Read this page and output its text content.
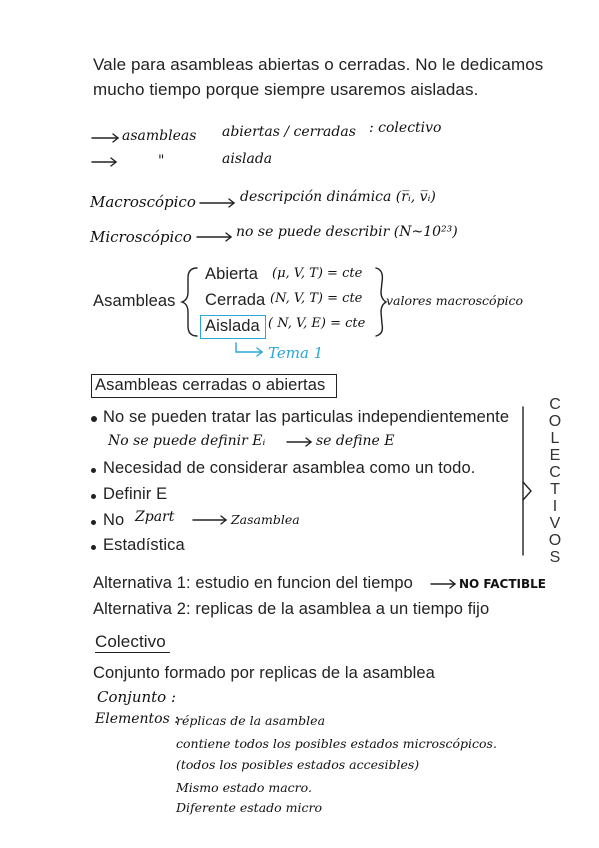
Vale para asambleas abiertas o cerradas. No le dedicamos
mucho tiempo porque siempre usaremos aisladas.
asambleas abiertas / cerradas : colectivo
"	aislada
Macroscópico	descripción dinámica (r̅ᵢ, v̅ᵢ)
Microscópico	no se puede describir (N~10²³)
Asambleas
Abierta (μ, V, T) = cte
Cerrada (N, V, T) = cte
Aislada ( N, V, E) = cte
valores macroscópico
Tema 1
Asambleas cerradas o abiertas
No se pueden tratar las particulas independientemente
No se puede definir Eᵢ	se define E
Necesidad de considerar asamblea como un todo.
Definir E
No Zpart	Zasamblea
Estadística
C
O
L
E
C
T
I
V
O
S
Alternativa 1: estudio en funcion del tiempo	NO FACTIBLE
Alternativa 2: replicas de la asamblea a un tiempo fijo
Colectivo
Conjunto formado por replicas de la asamblea
Conjunto :
Elementos :
réplicas de la asamblea
contiene todos los posibles estados microscópicos.
(todos los posibles estados accesibles)
Mismo estado macro.
Diferente estado micro
